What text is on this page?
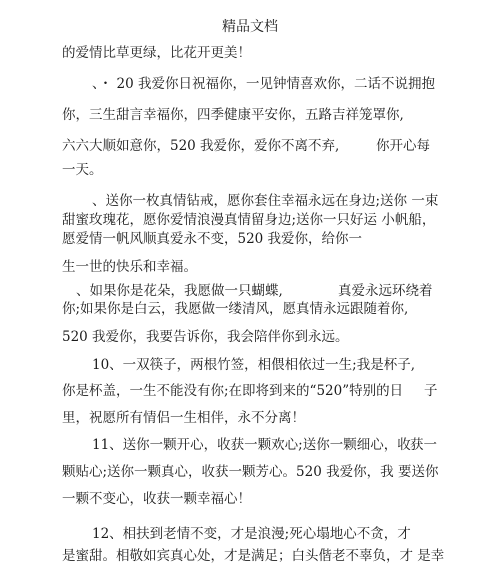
精品文档
的爱情比草更绿，比花开更美！
、・ 20 我爱你日祝福你，一见钟情喜欢你，二话不说拥抱
你，三生甜言幸福你，四季健康平安你，五路吉祥笼罩你,
六六大顺如意你，520 我爱你，爱你不离不弃,	你开心每
一天。
、送你一枚真情钻戒，愿你套住幸福永远在身边;送你 一束
甜蜜玫瑰花，愿你爱情浪漫真情留身边;送你一只好运 小帆船，
愿爱情一帆风顺真爱永不变，520 我爱你，给你一
生一世的快乐和幸福。
、如果你是花朵，我愿做一只蝴蝶,	真爱永远环绕着
你;如果你是白云，我愿做一缕清风，愿真情永远跟随着你,
520 我爱你，我要告诉你，我会陪伴你到永远。
10、一双筷子，两根竹签，相偎相依过一生;我是杯子,
你是杯盖，一生不能没有你;在即将到来的“520”特别的日 子
里，祝愿所有情侣一生相伴，永不分离！
11、送你一颗开心，收获一颗欢心;送你一颗细心，收 获一
颗贴心;送你一颗真心，收获一颗芳心。520 我爱你，我 要送你
一颗不变心，收获一颗幸福心！
12、相扶到老情不变，才是浪漫;死心塌地心不贪，才
是蜜甜。相敬如宾真心处，才是满足；白头偕老不辜负，才 是幸
